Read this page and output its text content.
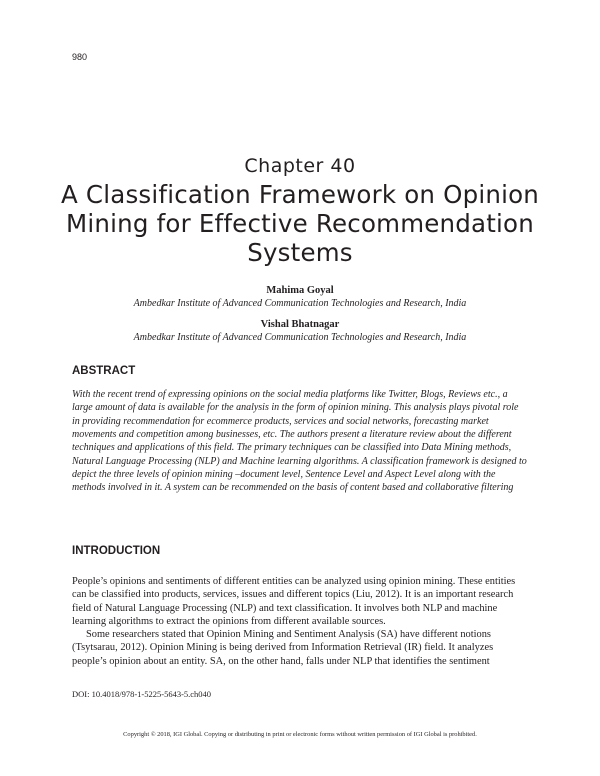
980
Chapter 40
A Classification Framework on Opinion Mining for Effective Recommendation Systems
Mahima Goyal
Ambedkar Institute of Advanced Communication Technologies and Research, India
Vishal Bhatnagar
Ambedkar Institute of Advanced Communication Technologies and Research, India
ABSTRACT
With the recent trend of expressing opinions on the social media platforms like Twitter, Blogs, Reviews etc., a large amount of data is available for the analysis in the form of opinion mining. This analysis plays pivotal role in providing recommendation for ecommerce products, services and social networks, forecasting market movements and competition among businesses, etc. The authors present a literature review about the different techniques and applications of this field. The primary techniques can be classified into Data Mining methods, Natural Language Processing (NLP) and Machine learning algorithms. A classification framework is designed to depict the three levels of opinion mining –document level, Sentence Level and Aspect Level along with the methods involved in it. A system can be recommended on the basis of content based and collaborative filtering
INTRODUCTION

People’s opinions and sentiments of different entities can be analyzed using opinion mining. These entities can be classified into products, services, issues and different topics (Liu, 2012). It is an important research field of Natural Language Processing (NLP) and text classification. It involves both NLP and machine learning algorithms to extract the opinions from different available sources.

Some researchers stated that Opinion Mining and Sentiment Analysis (SA) have different notions (Tsytsarau, 2012). Opinion Mining is being derived from Information Retrieval (IR) field. It analyzes people’s opinion about an entity. SA, on the other hand, falls under NLP that identifies the sentiment

DOI: 10.4018/978-1-5225-5643-5.ch040
Copyright © 2018, IGI Global. Copying or distributing in print or electronic forms without written permission of IGI Global is prohibited.
